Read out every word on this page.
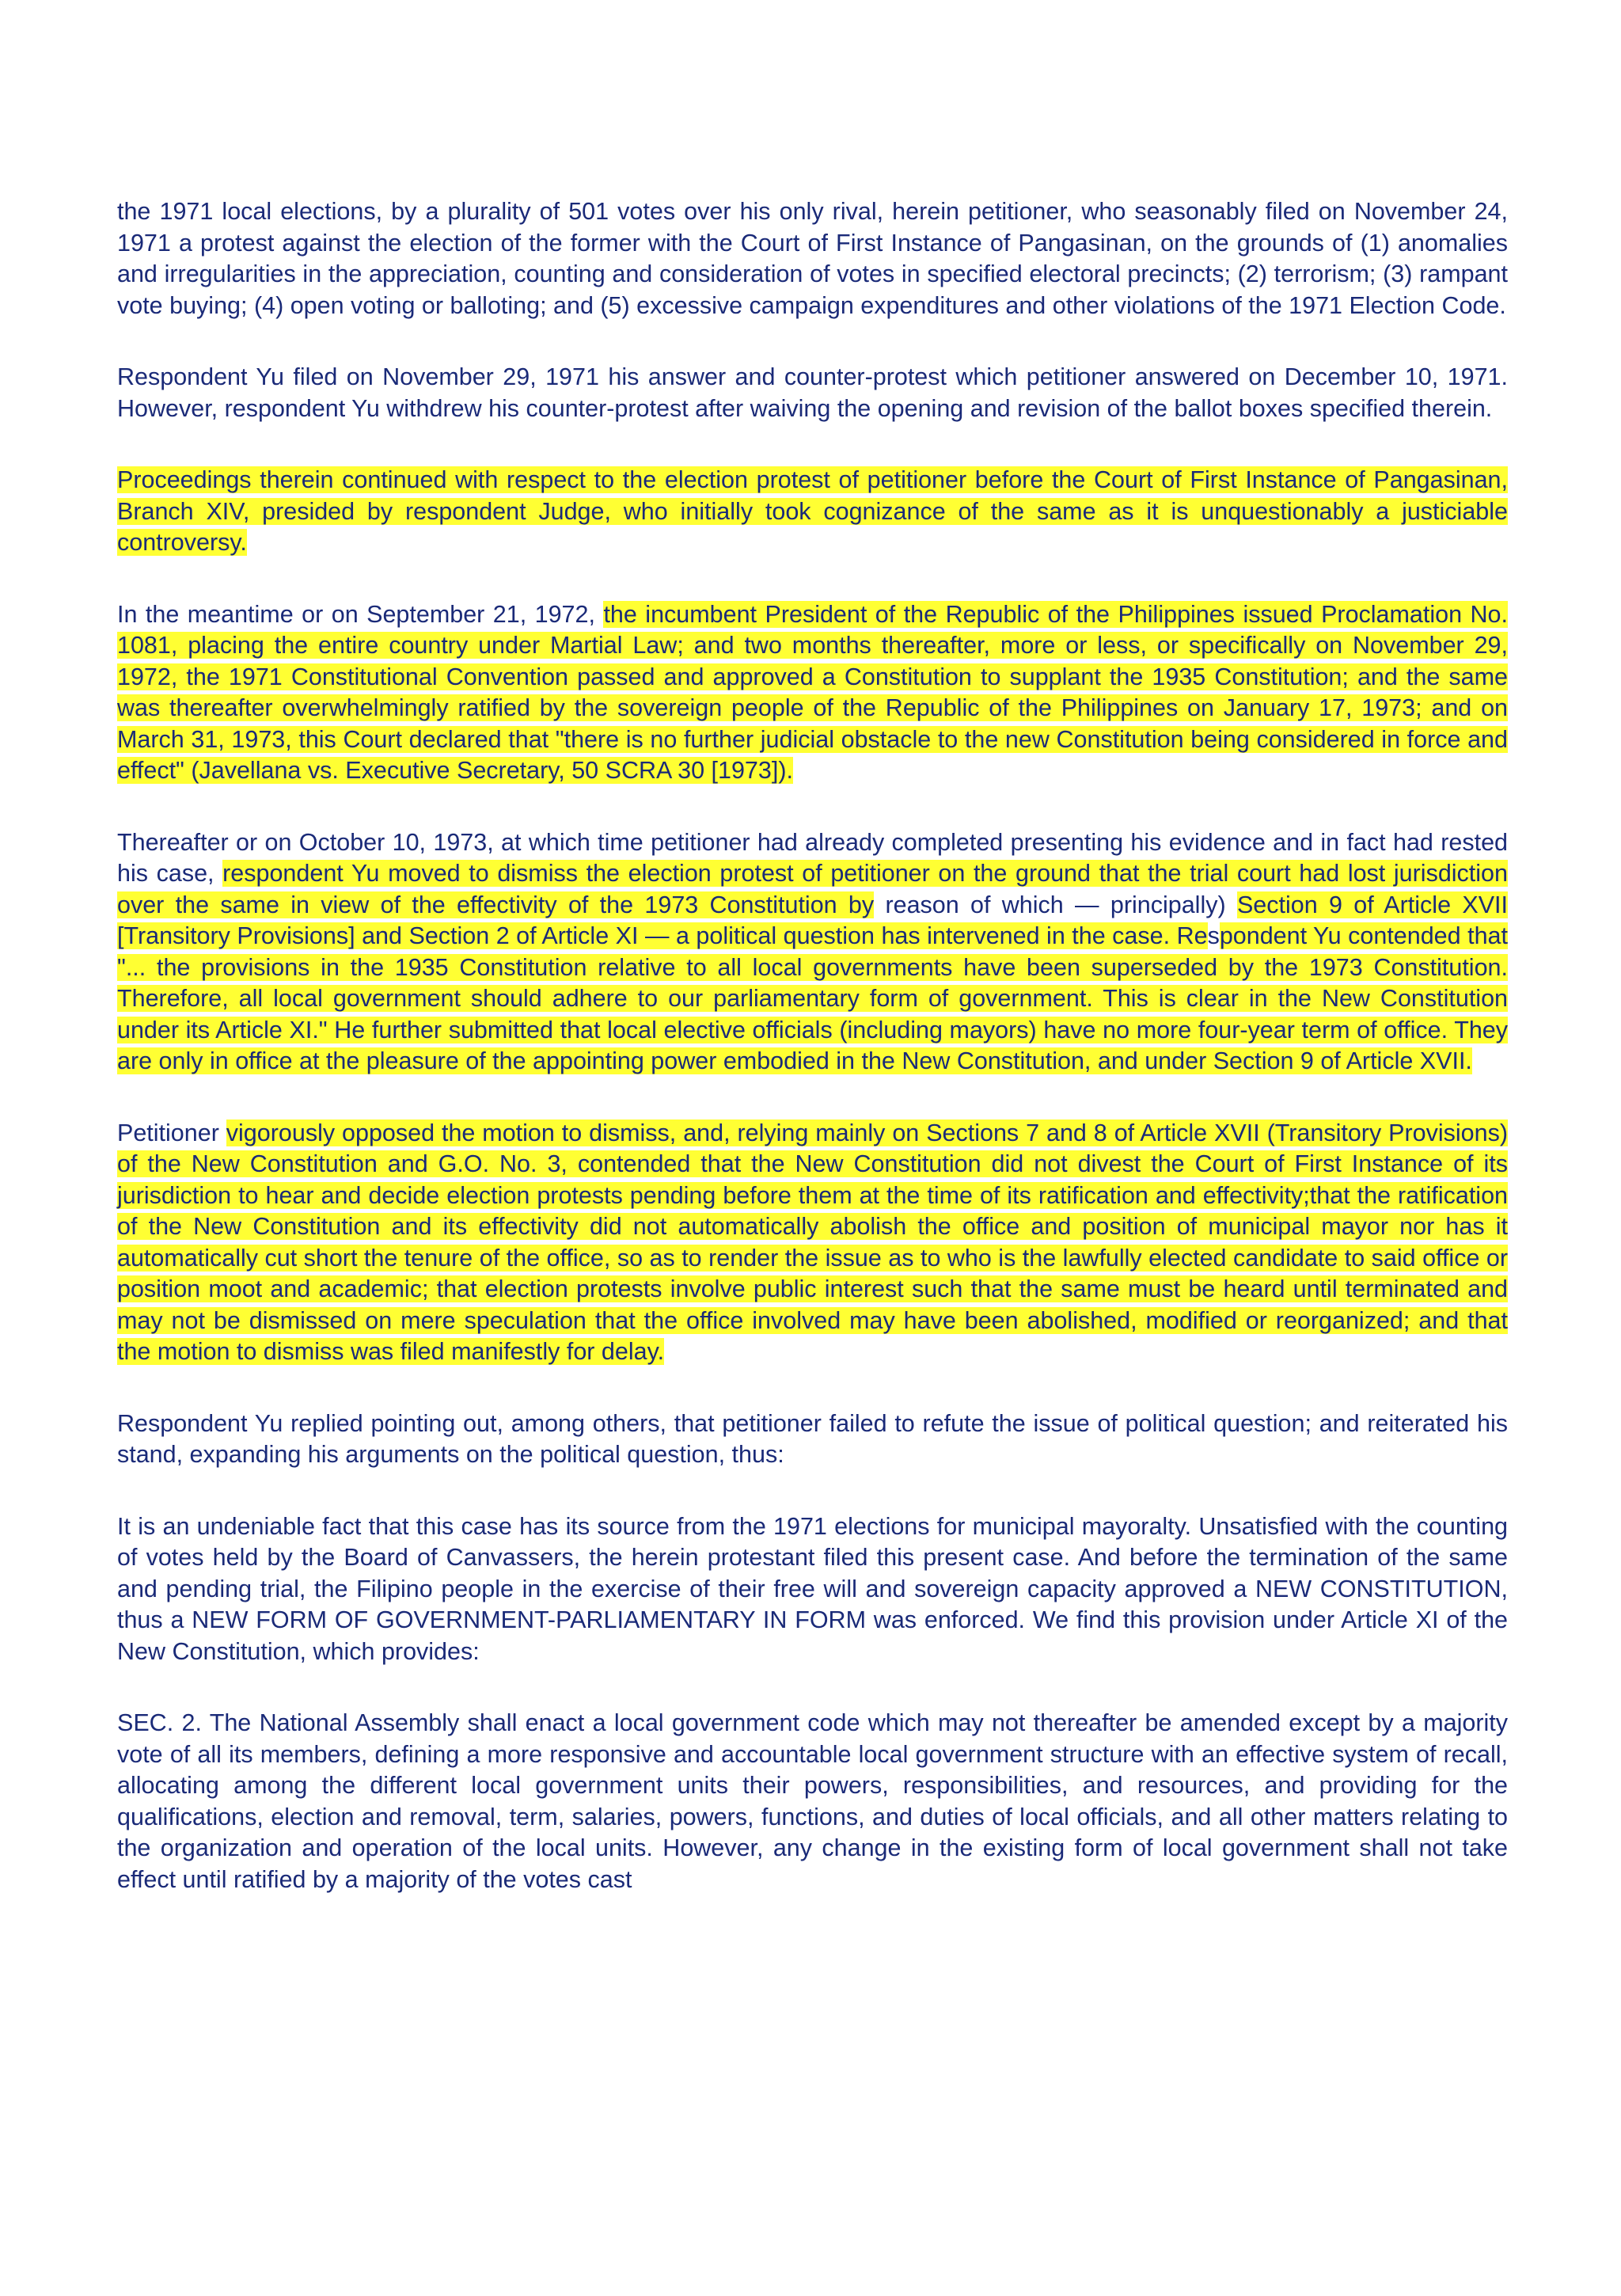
the 1971 local elections, by a plurality of 501 votes over his only rival, herein petitioner, who seasonably filed on November 24, 1971 a protest against the election of the former with the Court of First Instance of Pangasinan, on the grounds of (1) anomalies and irregularities in the appreciation, counting and consideration of votes in specified electoral precincts; (2) terrorism; (3) rampant vote buying; (4) open voting or balloting; and (5) excessive campaign expenditures and other violations of the 1971 Election Code.

Respondent Yu filed on November 29, 1971 his answer and counter-protest which petitioner answered on December 10, 1971. However, respondent Yu withdrew his counter-protest after waiving the opening and revision of the ballot boxes specified therein.

Proceedings therein continued with respect to the election protest of petitioner before the Court of First Instance of Pangasinan, Branch XIV, presided by respondent Judge, who initially took cognizance of the same as it is unquestionably a justiciable controversy.

In the meantime or on September 21, 1972, the incumbent President of the Republic of the Philippines issued Proclamation No. 1081, placing the entire country under Martial Law; and two months thereafter, more or less, or specifically on November 29, 1972, the 1971 Constitutional Convention passed and approved a Constitution to supplant the 1935 Constitution; and the same was thereafter overwhelmingly ratified by the sovereign people of the Republic of the Philippines on January 17, 1973; and on March 31, 1973, this Court declared that "there is no further judicial obstacle to the new Constitution being considered in force and effect" (Javellana vs. Executive Secretary, 50 SCRA 30 [1973]).

Thereafter or on October 10, 1973, at which time petitioner had already completed presenting his evidence and in fact had rested his case, respondent Yu moved to dismiss the election protest of petitioner on the ground that the trial court had lost jurisdiction over the same in view of the effectivity of the 1973 Constitution by reason of which — principally) Section 9 of Article XVII [Transitory Provisions] and Section 2 of Article XI — a political question has intervened in the case. Respondent Yu contended that "... the provisions in the 1935 Constitution relative to all local governments have been superseded by the 1973 Constitution. Therefore, all local government should adhere to our parliamentary form of government. This is clear in the New Constitution under its Article XI." He further submitted that local elective officials (including mayors) have no more four-year term of office. They are only in office at the pleasure of the appointing power embodied in the New Constitution, and under Section 9 of Article XVII.

Petitioner vigorously opposed the motion to dismiss, and, relying mainly on Sections 7 and 8 of Article XVII (Transitory Provisions) of the New Constitution and G.O. No. 3, contended that the New Constitution did not divest the Court of First Instance of its jurisdiction to hear and decide election protests pending before them at the time of its ratification and effectivity;that the ratification of the New Constitution and its effectivity did not automatically abolish the office and position of municipal mayor nor has it automatically cut short the tenure of the office, so as to render the issue as to who is the lawfully elected candidate to said office or position moot and academic; that election protests involve public interest such that the same must be heard until terminated and may not be dismissed on mere speculation that the office involved may have been abolished, modified or reorganized; and that the motion to dismiss was filed manifestly for delay.

Respondent Yu replied pointing out, among others, that petitioner failed to refute the issue of political question; and reiterated his stand, expanding his arguments on the political question, thus:

It is an undeniable fact that this case has its source from the 1971 elections for municipal mayoralty. Unsatisfied with the counting of votes held by the Board of Canvassers, the herein protestant filed this present case. And before the termination of the same and pending trial, the Filipino people in the exercise of their free will and sovereign capacity approved a NEW CONSTITUTION, thus a NEW FORM OF GOVERNMENT-PARLIAMENTARY IN FORM was enforced. We find this provision under Article XI of the New Constitution, which provides:

SEC. 2. The National Assembly shall enact a local government code which may not thereafter be amended except by a majority vote of all its members, defining a more responsive and accountable local government structure with an effective system of recall, allocating among the different local government units their powers, responsibilities, and resources, and providing for the qualifications, election and removal, term, salaries, powers, functions, and duties of local officials, and all other matters relating to the organization and operation of the local units. However, any change in the existing form of local government shall not take effect until ratified by a majority of the votes cast
